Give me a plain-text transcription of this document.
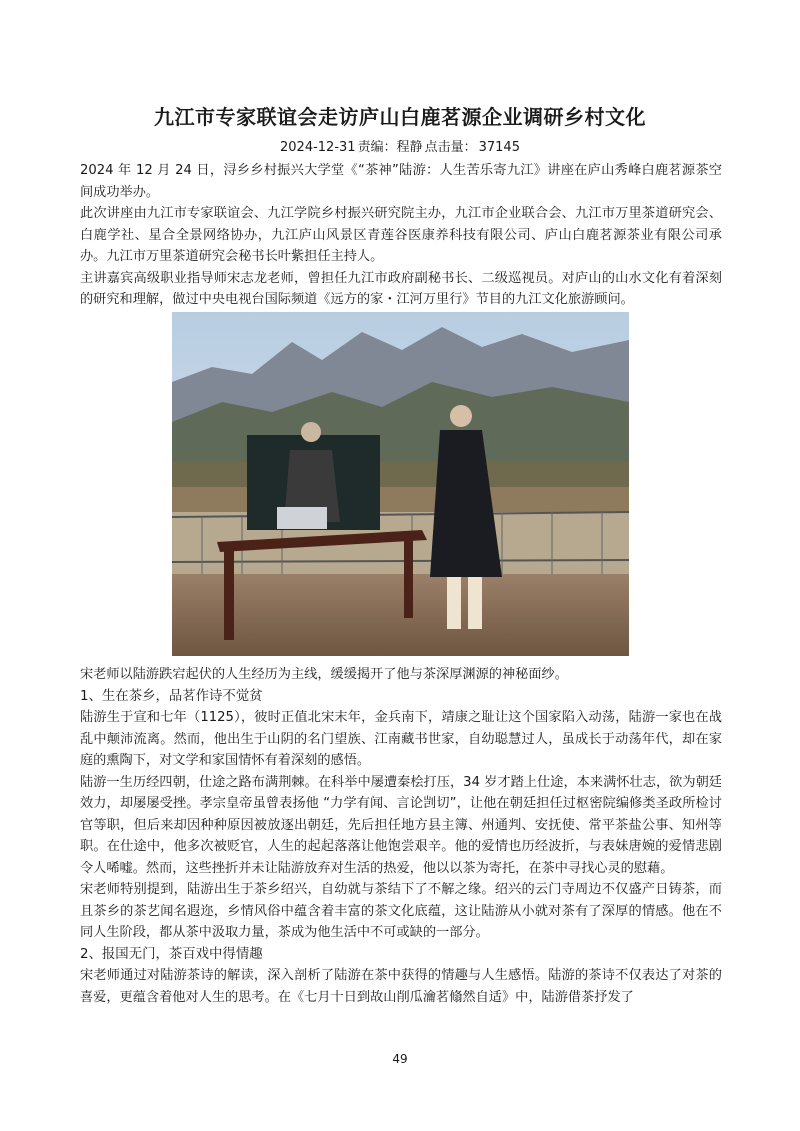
九江市专家联谊会走访庐山白鹿茗源企业调研乡村文化
2024-12-31 责编：程静 点击量： 37145

2024 年 12 月 24 日，浔乡乡村振兴大学堂《“茶神”陆游：人生苦乐寄九江》讲座在庐山秀峰白鹿茗源茶空间成功举办。

此次讲座由九江市专家联谊会、九江学院乡村振兴研究院主办，九江市企业联合会、九江市万里茶道研究会、白鹿学社、星合全景网络协办，九江庐山风景区青莲谷医康养科技有限公司、庐山白鹿茗源茶业有限公司承办。九江市万里茶道研究会秘书长叶紫担任主持人。

主讲嘉宾高级职业指导师宋志龙老师，曾担任九江市政府副秘书长、二级巡视员。对庐山的山水文化有着深刻的研究和理解，做过中央电视台国际频道《远方的家・江河万里行》节目的九江文化旅游顾问。

宋老师以陆游跌宕起伏的人生经历为主线，缓缓揭开了他与茶深厚渊源的神秘面纱。

1、生在茶乡，品茗作诗不觉贫

陆游生于宣和七年（1125），彼时正值北宋末年，金兵南下，靖康之耻让这个国家陷入动荡，陆游一家也在战乱中颠沛流离。然而，他出生于山阴的名门望族、江南藏书世家，自幼聪慧过人，虽成长于动荡年代，却在家庭的熏陶下，对文学和家国情怀有着深刻的感悟。

陆游一生历经四朝，仕途之路布满荆棘。在科举中屡遭秦桧打压，34 岁才踏上仕途，本来满怀壮志，欲为朝廷效力，却屡屡受挫。孝宗皇帝虽曾表扬他 “力学有闻、言论剀切”，让他在朝廷担任过枢密院编修类圣政所检讨官等职，但后来却因种种原因被放逐出朝廷，先后担任地方县主簿、州通判、安抚使、常平茶盐公事、知州等职。在仕途中，他多次被贬官，人生的起起落落让他饱尝艰辛。他的爱情也历经波折，与表妹唐婉的爱情悲剧令人唏嘘。然而，这些挫折并未让陆游放弃对生活的热爱，他以以茶为寄托，在茶中寻找心灵的慰藉。

宋老师特别提到，陆游出生于茶乡绍兴，自幼就与茶结下了不解之缘。绍兴的云门寺周边不仅盛产日铸茶，而且茶乡的茶艺闻名遐迩，乡情风俗中蕴含着丰富的茶文化底蕴，这让陆游从小就对茶有了深厚的情感。他在不同人生阶段，都从茶中汲取力量，茶成为他生活中不可或缺的一部分。

2、报国无门，茶百戏中得情趣

宋老师通过对陆游茶诗的解读，深入剖析了陆游在茶中获得的情趣与人生感悟。陆游的茶诗不仅表达了对茶的喜爱，更蕴含着他对人生的思考。在《七月十日到故山削瓜瀹茗翛然自适》中，陆游借茶抒发了

49
